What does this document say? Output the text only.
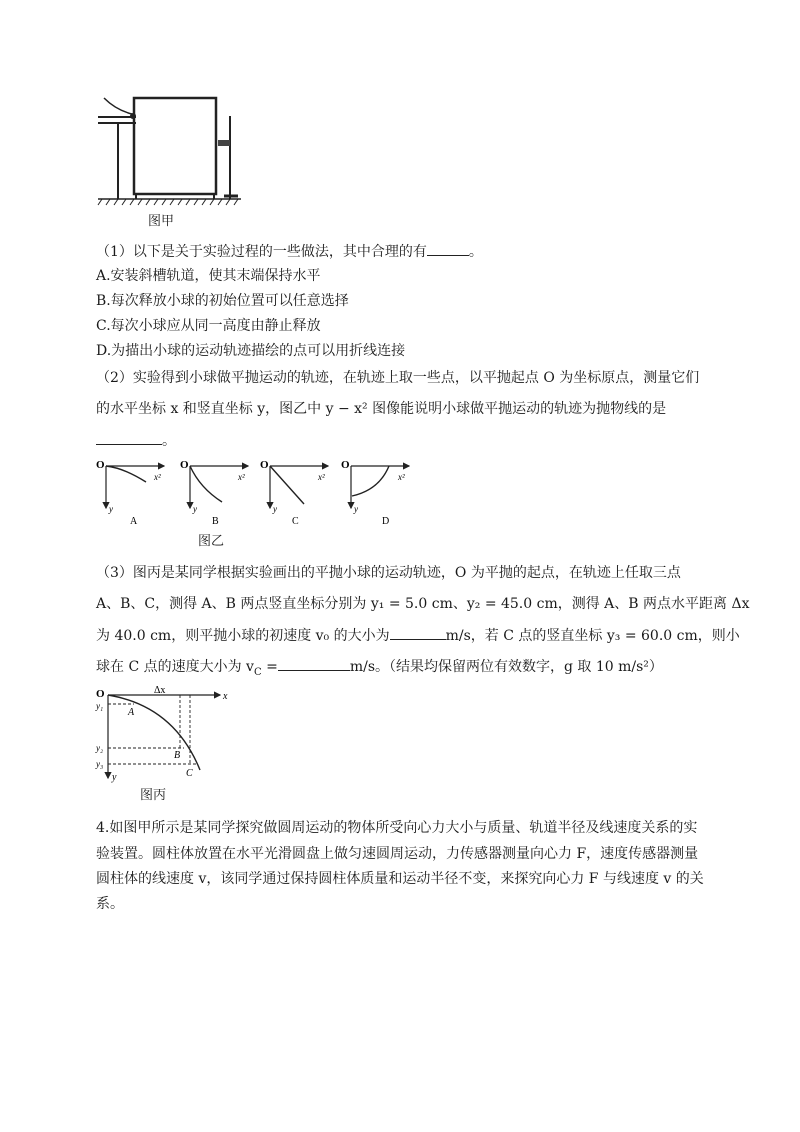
图甲
（1）以下是关于实验过程的一些做法，其中合理的有	。
A.安装斜槽轨道，使其末端保持水平
B.每次释放小球的初始位置可以任意选择
C.每次小球应从同一高度由静止释放
D.为描出小球的运动轨迹描绘的点可以用折线连接
（2）实验得到小球做平抛运动的轨迹，在轨迹上取一些点，以平抛起点 O 为坐标原点，测量它们
的水平坐标 x 和竖直坐标 y，图乙中 y − x² 图像能说明小球做平抛运动的轨迹为抛物线的是
。
O
x²
y
A
O
x²
y
B
O
x²
y
C
O
x²
y
D
图乙
（3）图丙是某同学根据实验画出的平抛小球的运动轨迹，O 为平抛的起点，在轨迹上任取三点
A、B、C，测得 A、B 两点竖直坐标分别为 y₁ = 5.0 cm、y₂ = 45.0 cm，测得 A、B 两点水平距离 Δx
为 40.0 cm，则平抛小球的初速度 v₀ 的大小为	m/s，若 C 点的竖直坐标 y₃ = 60.0 cm，则小
球在 C 点的速度大小为 $v_C$ =	m/s。（结果均保留两位有效数字，g 取 10 m/s²）
O	x
y
Δx
y₁
y₂
y₃
A
B
C
图丙
4.如图甲所示是某同学探究做圆周运动的物体所受向心力大小与质量、轨道半径及线速度关系的实
验装置。圆柱体放置在水平光滑圆盘上做匀速圆周运动，力传感器测量向心力 F，速度传感器测量
圆柱体的线速度 v，该同学通过保持圆柱体质量和运动半径不变，来探究向心力 F 与线速度 v 的关
系。
